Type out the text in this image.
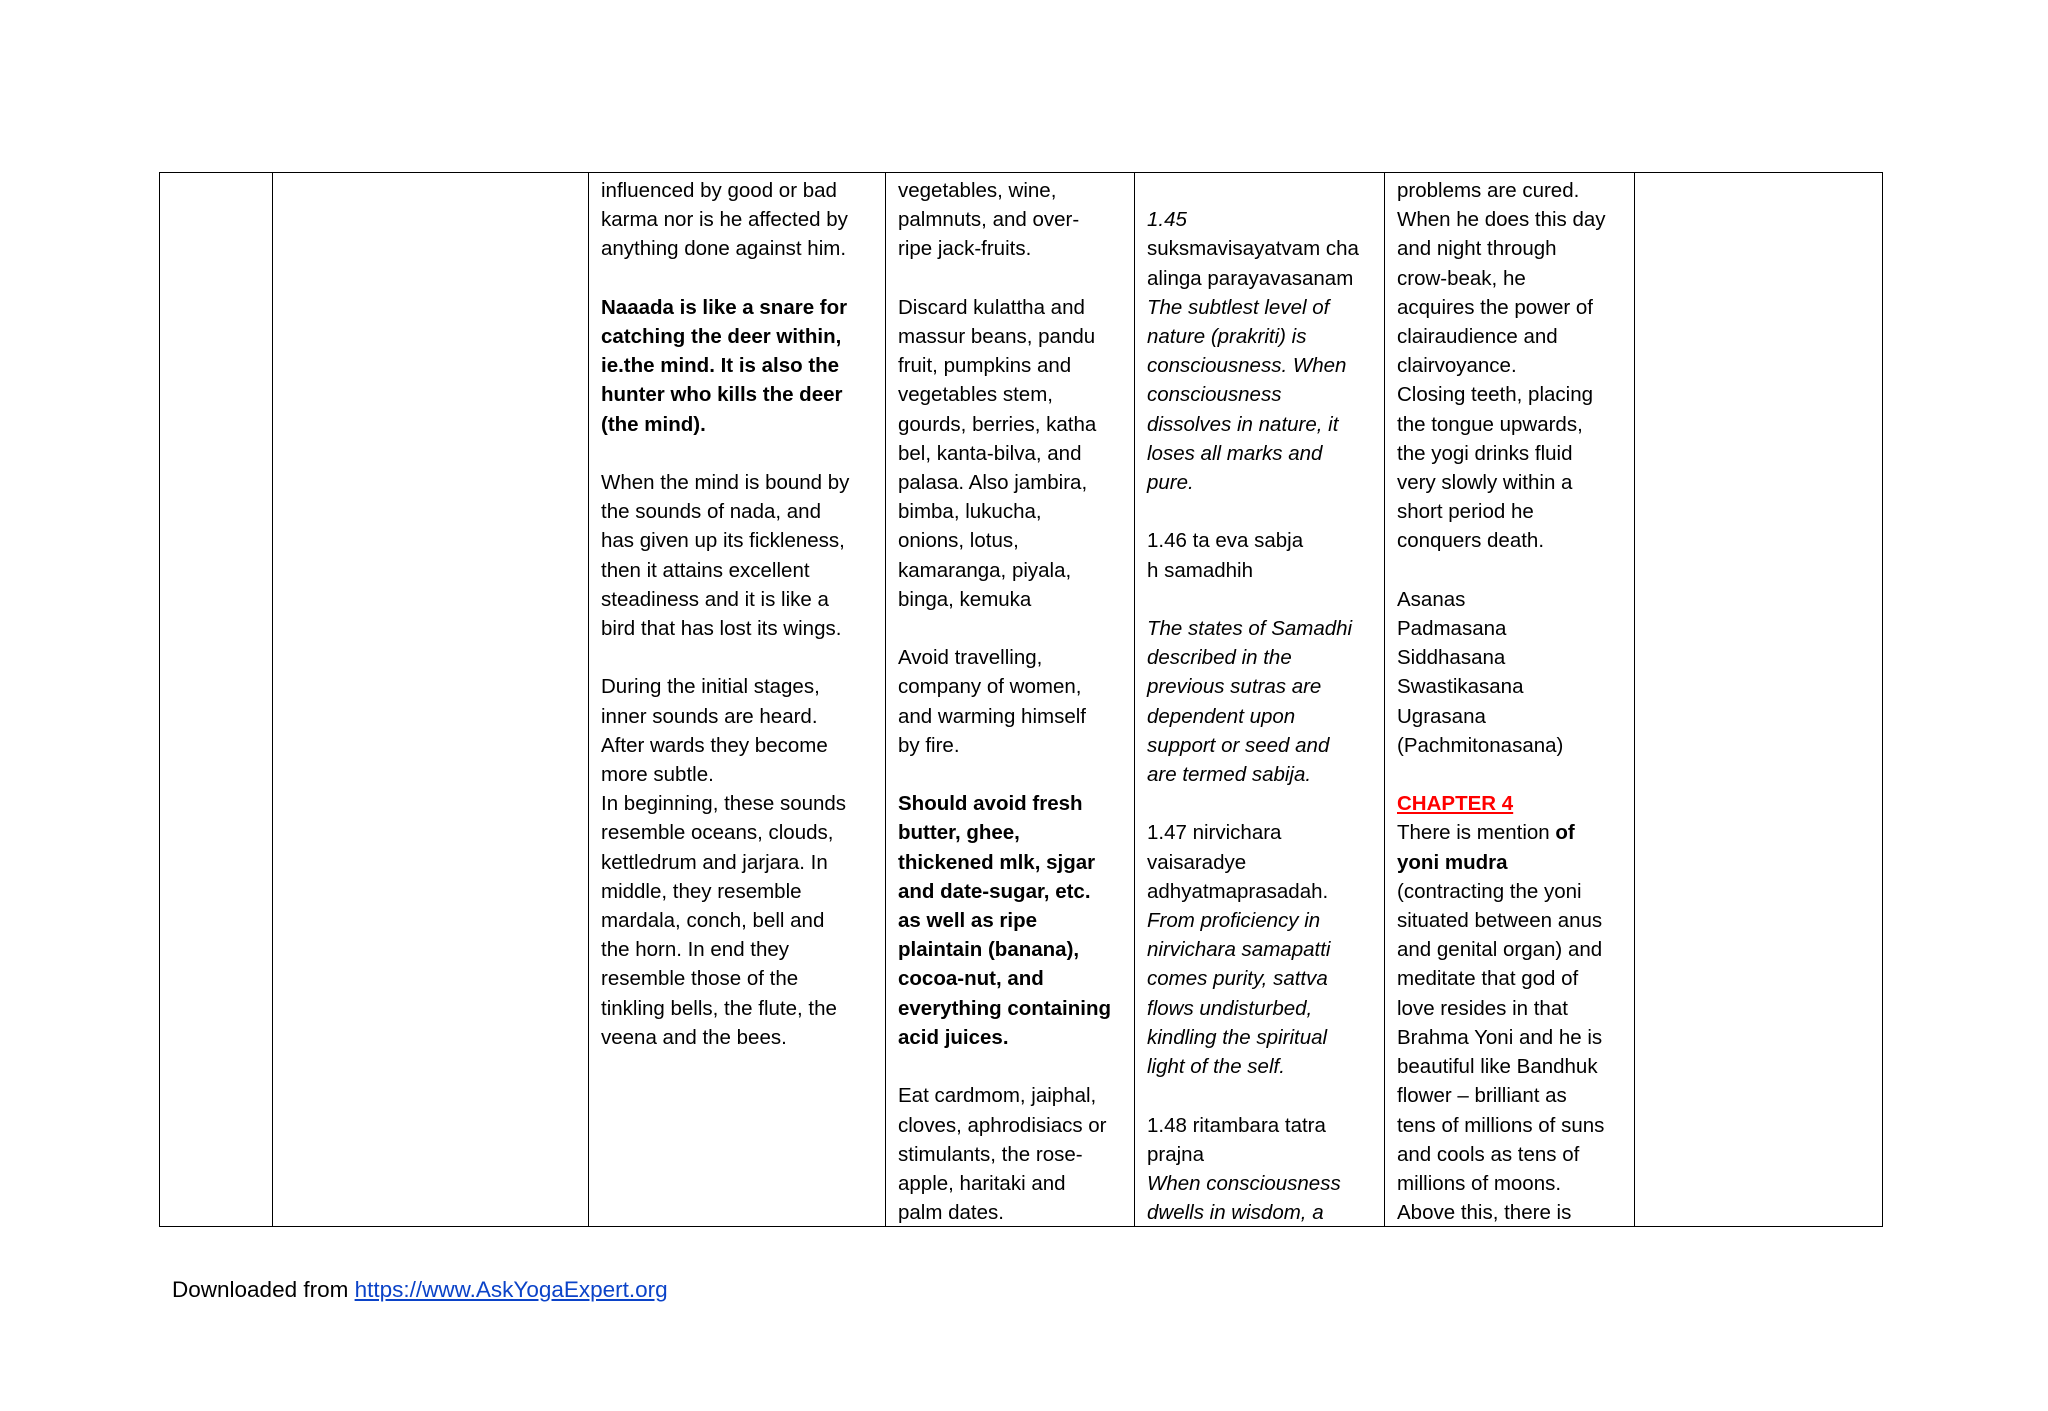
influenced by good or bad
karma nor is he affected by
anything done against him.

Naaada is like a snare for
catching the deer within,
ie.the mind. It is also the
hunter who kills the deer
(the mind).

When the mind is bound by
the sounds of nada, and
has given up its fickleness,
then it attains excellent
steadiness and it is like a
bird that has lost its wings.

During the initial stages,
inner sounds are heard.
After wards they become
more subtle.
In beginning, these sounds
resemble oceans, clouds,
kettledrum and jarjara. In
middle, they resemble
mardala, conch, bell and
the horn. In end they
resemble those of the
tinkling bells, the flute, the
veena and the bees.
vegetables, wine,
palmnuts, and over-
ripe jack-fruits.

Discard kulattha and
massur beans, pandu
fruit, pumpkins and
vegetables stem,
gourds, berries, katha
bel, kanta-bilva, and
palasa. Also jambira,
bimba, lukucha,
onions, lotus,
kamaranga, piyala,
binga, kemuka

Avoid travelling,
company of women,
and warming himself
by fire.

Should avoid fresh
butter, ghee,
thickened mlk, sjgar
and date-sugar, etc.
as well as ripe
plaintain (banana),
cocoa-nut, and
everything containing
acid juices.

Eat cardmom, jaiphal,
cloves, aphrodisiacs or
stimulants, the rose-
apple, haritaki and
palm dates.

1.45
suksmavisayatvam cha
alinga parayavasanam
The subtlest level of
nature (prakriti) is
consciousness. When
consciousness
dissolves in nature, it
loses all marks and
pure.

1.46 ta eva sabja
h samadhih

The states of Samadhi
described in the
previous sutras are
dependent upon
support or seed and
are termed sabija.

1.47 nirvichara
vaisaradye
adhyatmaprasadah.
From proficiency in
nirvichara samapatti
comes purity, sattva
flows undisturbed,
kindling the spiritual
light of the self.

1.48 ritambara tatra
prajna
When consciousness
dwells in wisdom, a
problems are cured.
When he does this day
and night through
crow-beak, he
acquires the power of
clairaudience and
clairvoyance.
Closing teeth, placing
the tongue upwards,
the yogi drinks fluid
very slowly within a
short period he
conquers death.

Asanas
Padmasana
Siddhasana
Swastikasana
Ugrasana
(Pachmitonasana)

CHAPTER 4
There is mention of
yoni mudra
(contracting the yoni
situated between anus
and genital organ) and
meditate that god of
love resides in that
Brahma Yoni and he is
beautiful like Bandhuk
flower – brilliant as
tens of millions of suns
and cools as tens of
millions of moons.
Above this, there is
Downloaded from https://www.AskYogaExpert.org
